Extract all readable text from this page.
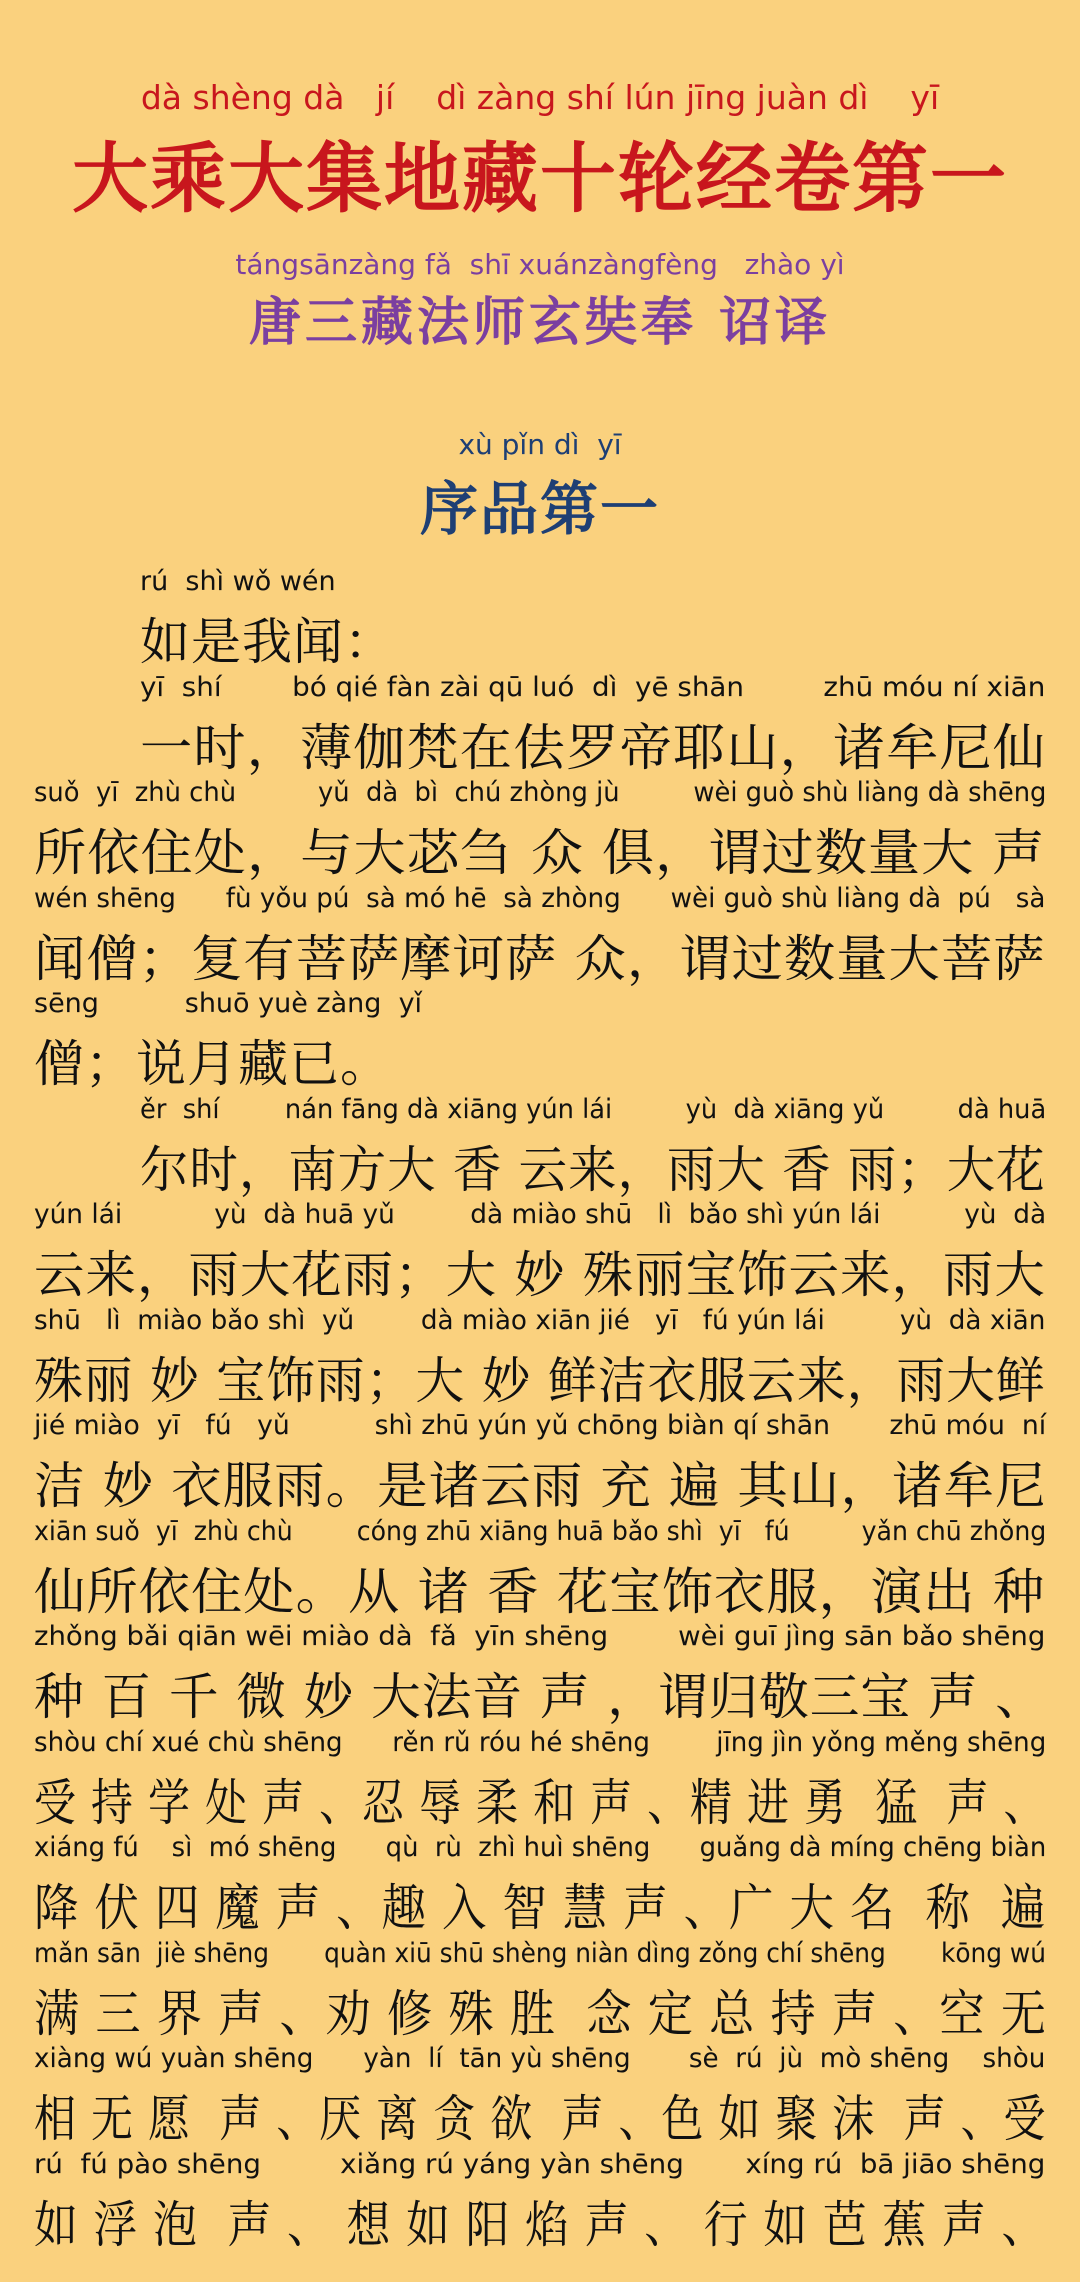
dà shèng dà   jí    dì zàng shí lún jīng juàn dì    yī
大乘大集地藏十轮经卷第一
tángsānzàng fǎ  shī xuánzàngfèng   zhào yì
唐三藏法师玄奘奉 诏译
xù pǐn dì  yī
序品第一
rú  shì wǒ wén
如是我闻：
yī  shí        bó qié fàn zài qū luó  dì  yē shān         zhū móu ní xiān
一时，薄伽梵在佉罗帝耶山，诸牟尼仙
suǒ  yī  zhù chù          yǔ  dà  bì  chú zhòng jù         wèi guò shù liàng dà shēng
所依住处，与大苾刍 众 俱，谓过数量大 声
wén shēng      fù yǒu pú  sà mó hē  sà zhòng      wèi guò shù liàng dà  pú   sà
闻僧；复有菩萨摩诃萨 众，谓过数量大菩萨
sēng          shuō yuè zàng  yǐ
僧；说月藏已。
ěr  shí        nán fāng dà xiāng yún lái         yù  dà xiāng yǔ         dà huā
尔时，南方大 香 云来，雨大 香 雨；大花
yún lái           yù  dà huā yǔ         dà miào shū   lì  bǎo shì yún lái          yù  dà
云来，雨大花雨；大 妙 殊丽宝饰云来，雨大
shū   lì  miào bǎo shì  yǔ        dà miào xiān jié   yī   fú yún lái         yù  dà xiān
殊丽 妙 宝饰雨；大 妙 鲜洁衣服云来，雨大鲜
jié miào  yī   fú   yǔ          shì zhū yún yǔ chōng biàn qí shān       zhū móu  ní
洁 妙 衣服雨。是诸云雨 充 遍 其山，诸牟尼
xiān suǒ  yī  zhù chù        cóng zhū xiāng huā bǎo shì  yī   fú         yǎn chū zhǒng
仙所依住处。从 诸 香 花宝饰衣服，演出 种
zhǒng bǎi qiān wēi miào dà  fǎ  yīn shēng        wèi guī jìng sān bǎo shēng
种 百 千 微 妙 大法音 声 ，谓归敬三宝 声 、
shòu chí xué chù shēng      rěn rǔ róu hé shēng        jīng jìn yǒng měng shēng
受 持 学 处 声 、忍 辱 柔 和 声 、精 进 勇  猛  声 、
xiáng fú    sì  mó shēng      qù  rù  zhì huì shēng      guǎng dà míng chēng biàn
降 伏 四 魔 声 、趣 入 智 慧 声 、广 大 名  称  遍
mǎn sān  jiè shēng       quàn xiū shū shèng niàn dìng zǒng chí shēng       kōng wú
满 三 界 声 、劝 修 殊 胜  念 定 总 持 声 、空 无
xiàng wú yuàn shēng      yàn  lí  tān yù shēng       sè  rú  jù  mò shēng    shòu
相 无 愿  声 、厌 离 贪 欲  声 、色 如 聚 沫  声 、受
rú  fú pào shēng         xiǎng rú yáng yàn shēng       xíng rú  bā jiāo shēng
如 浮 泡  声 、 想 如 阳 焰 声 、 行 如 芭 蕉 声 、
